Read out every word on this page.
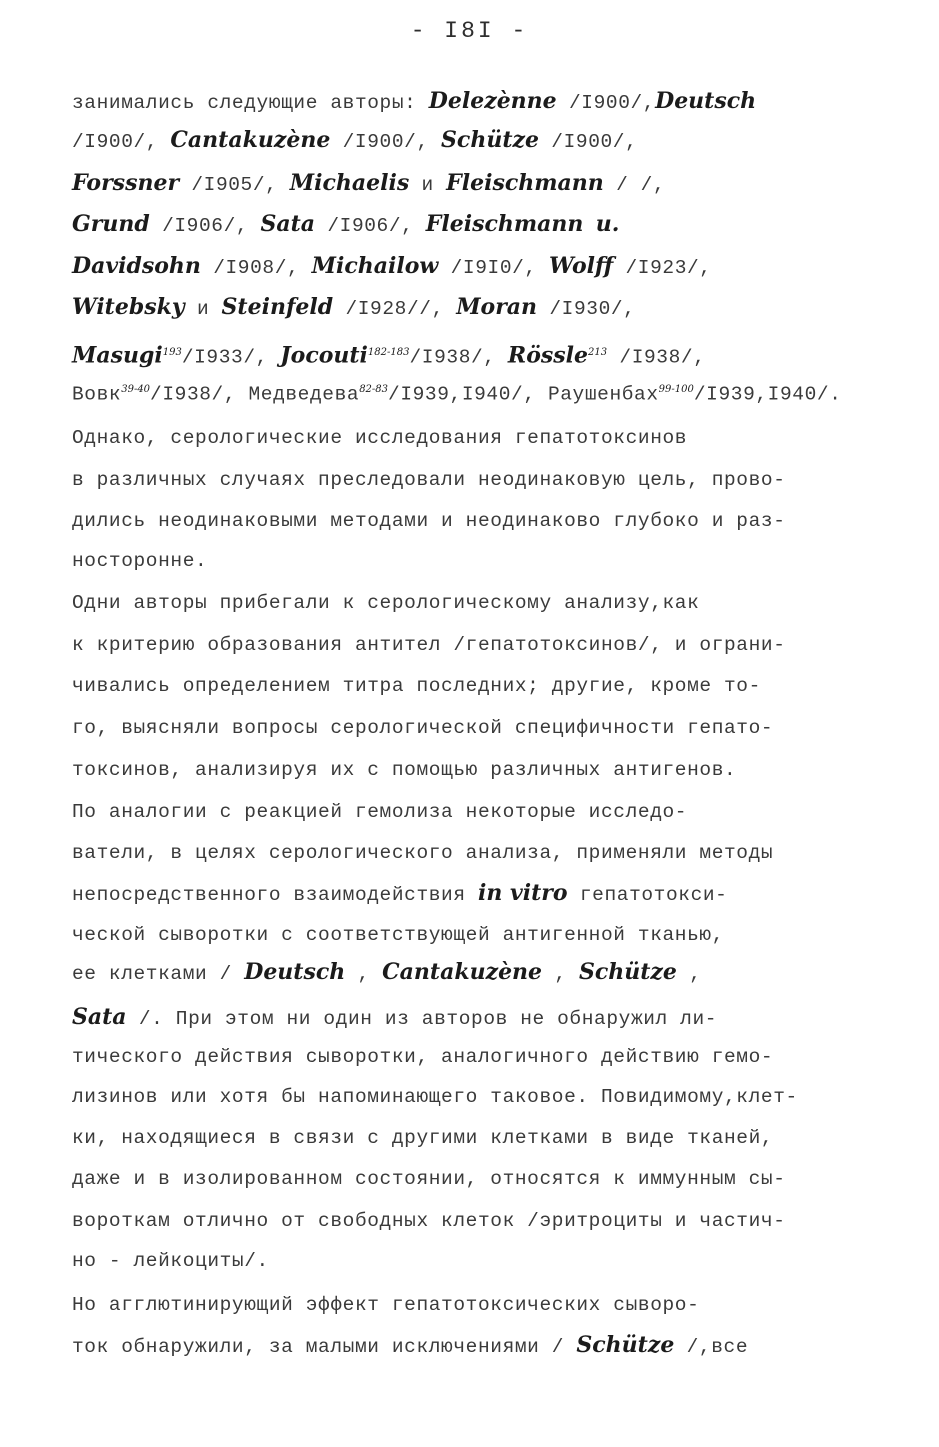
- I8I -
занимались следующие авторы: Delezènne /I900/,Deutsch
/I900/, Cantakuzène /I900/, Schütze /I900/,
Forssner /I905/, Michaelis и Fleischmann / /,
Grund /I906/, Sata /I906/, Fleischmann u.
Davidsohn /I908/, Michailow /I9I0/, Wolff /I923/,
Witebsky и Steinfeld /I928//, Moran /I930/,
Masugi$^{193}$/I933/, Jocouti$^{182-183}$/I938/, Rössle$^{213}$ /I938/,
Вовк$^{39-40}$/I938/, Медведева$^{82-83}$/I939,I940/, Раушенбах$^{99-100}$/I939,I940/.
Однако, серологические исследования гепатотоксинов
в различных случаях преследовали неодинаковую цель, прово-
дились неодинаковыми методами и неодинаково глубоко и раз-
носторонне.
Одни авторы прибегали к серологическому анализу,как
к критерию образования антител /гепатотоксинов/, и ограни-
чивались определением титра последних; другие, кроме то-
го, выясняли вопросы серологической специфичности гепато-
токсинов, анализируя их с помощью различных антигенов.
По аналогии с реакцией гемолиза некоторые исследо-
ватели, в целях серологического анализа, применяли методы
непосредственного взаимодействия in vitro гепатотокси-
ческой сыворотки с соответствующей антигенной тканью,
ее клетками / Deutsch , Cantakuzène , Schütze ,
Sata /. При этом ни один из авторов не обнаружил ли-
тического действия сыворотки, аналогичного действию гемо-
лизинов или хотя бы напоминающего таковое. Повидимому,клет-
ки, находящиеся в связи с другими клетками в виде тканей,
даже и в изолированном состоянии, относятся к иммунным сы-
вороткам отлично от свободных клеток /эритроциты и частич-
но - лейкоциты/.
Но агглютинирующий эффект гепатотоксических сыворо-
ток обнаружили, за малыми исключениями / Schütze /,все
